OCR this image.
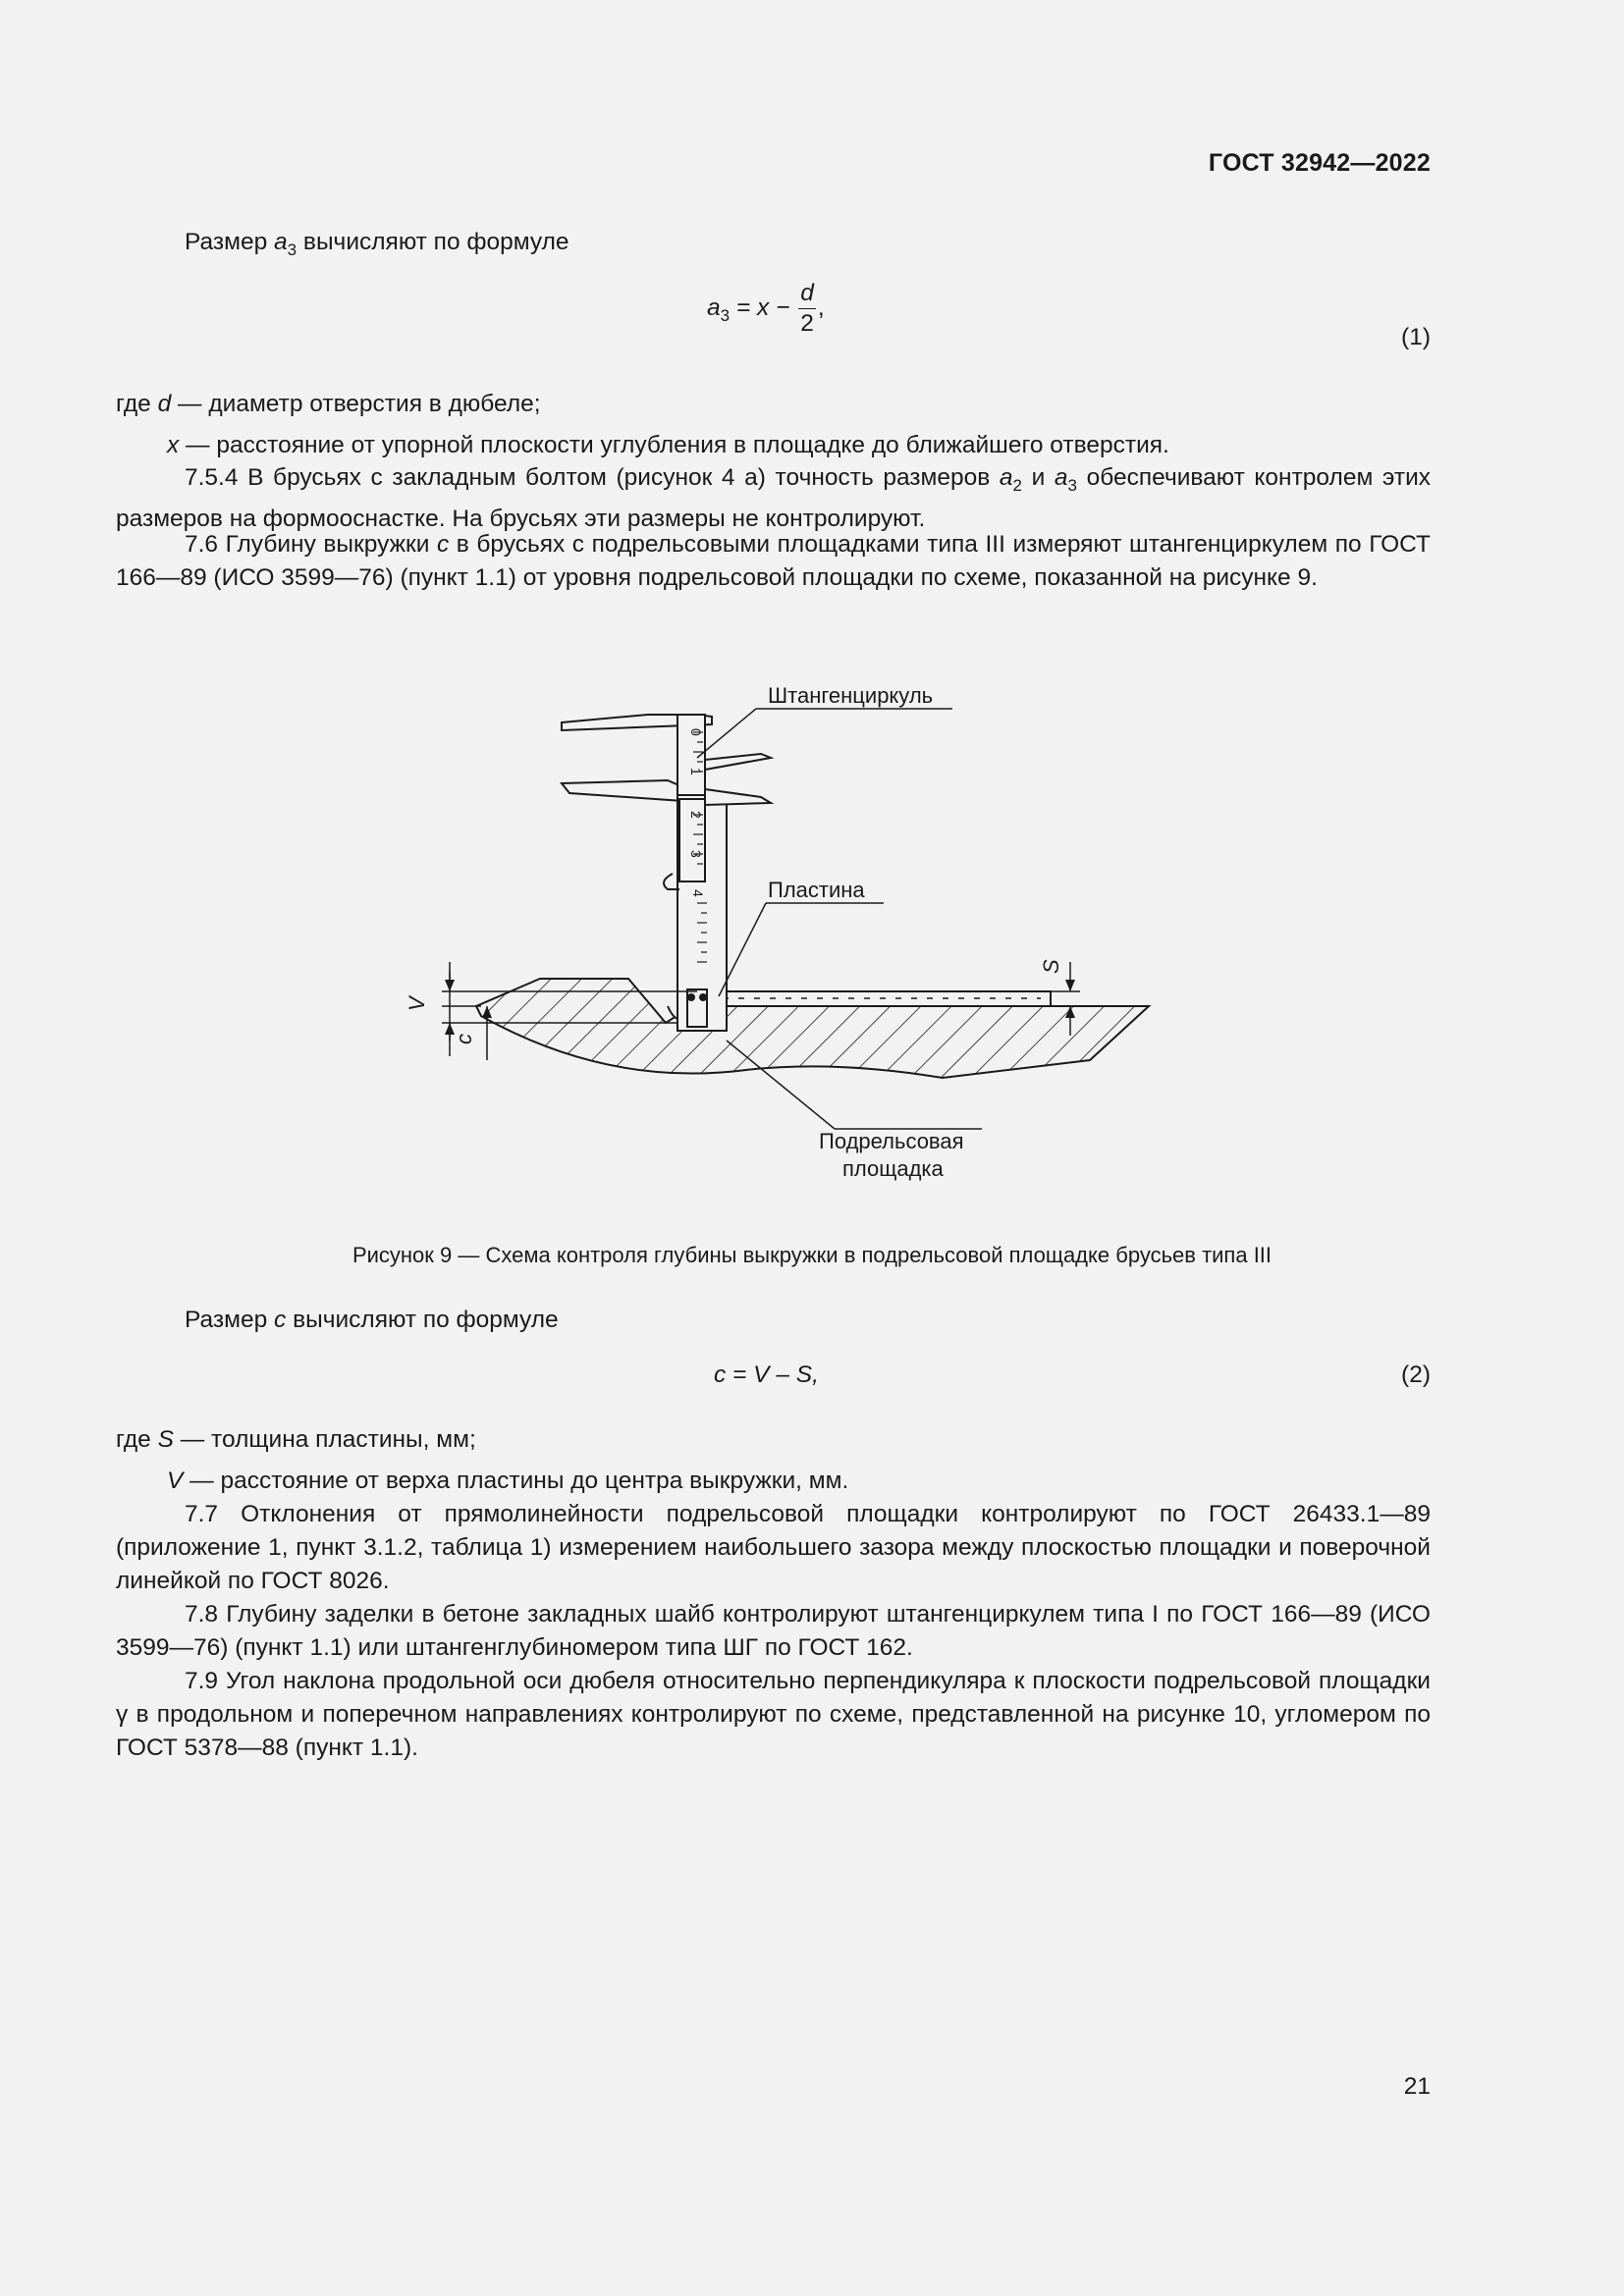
ГОСТ 32942—2022
Размер $a_3$ вычисляют по формуле
$a_3 = x - \frac{d}{2}$ ,
(1)
где d — диаметр отверстия в дюбеле;
x — расстояние от упорной плоскости углубления в площадке до ближайшего отверстия.

7.5.4 В брусьях с закладным болтом (рисунок 4 а) точность размеров $a_2$ и $a_3$ обеспечивают контролем этих размеров на формооснастке. На брусьях эти размеры не контролируют.

7.6 Глубину выкружки c в брусьях с подрельсовыми площадками типа III измеряют штангенциркулем по ГОСТ 166—89 (ИСО 3599—76) (пункт 1.1) от уровня подрельсовой площадки по схеме, показанной на рисунке 9.

0
1
2
3
4
Штангенциркуль
Пластина
Подрельсовая
площадка
V
c
S
Рисунок 9 — Схема контроля глубины выкружки в подрельсовой площадке брусьев типа III
Размер c вычисляют по формуле
c = V – S,	(2)
где S — толщина пластины, мм;
V — расстояние от верха пластины до центра выкружки, мм.

7.7 Отклонения от прямолинейности подрельсовой площадки контролируют по ГОСТ 26433.1—89 (приложение 1, пункт 3.1.2, таблица 1) измерением наибольшего зазора между плоскостью площадки и поверочной линейкой по ГОСТ 8026.

7.8 Глубину заделки в бетоне закладных шайб контролируют штангенциркулем типа I по ГОСТ 166—89 (ИСО 3599—76) (пункт 1.1) или штангенглубиномером типа ШГ по ГОСТ 162.

7.9 Угол наклона продольной оси дюбеля относительно перпендикуляра к плоскости подрельсовой площадки γ в продольном и поперечном направлениях контролируют по схеме, представленной на рисунке 10, угломером по ГОСТ 5378—88 (пункт 1.1).

21
